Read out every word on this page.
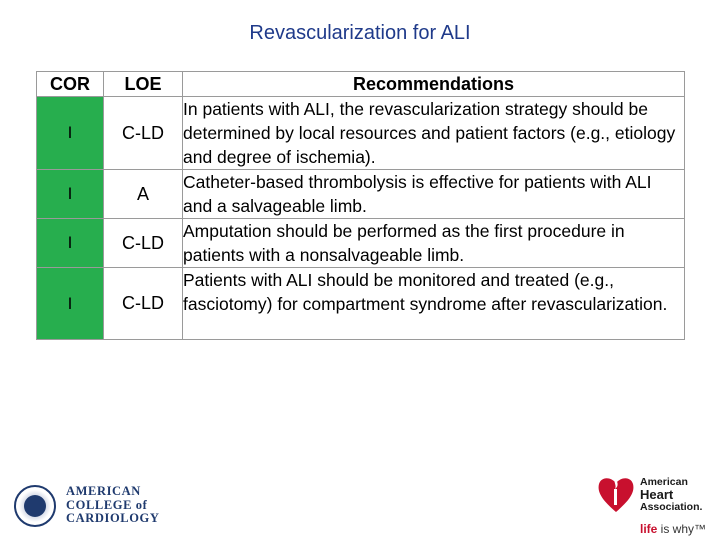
Revascularization for ALI
COR	LOE	Recommendations
I	C-LD	In patients with ALI, the revascularization strategy should be determined by local resources and patient factors (e.g., etiology and degree of ischemia).
I	A	Catheter-based thrombolysis is effective for patients with ALI and a salvageable limb.
I	C-LD	Amputation should be performed as the first procedure in patients with a nonsalvageable limb.
I	C-LD	Patients with ALI should be monitored and treated (e.g., fasciotomy) for compartment syndrome after revascularization.
AMERICAN
COLLEGE of
CARDIOLOGY
American
Heart
Association.
life is why™
